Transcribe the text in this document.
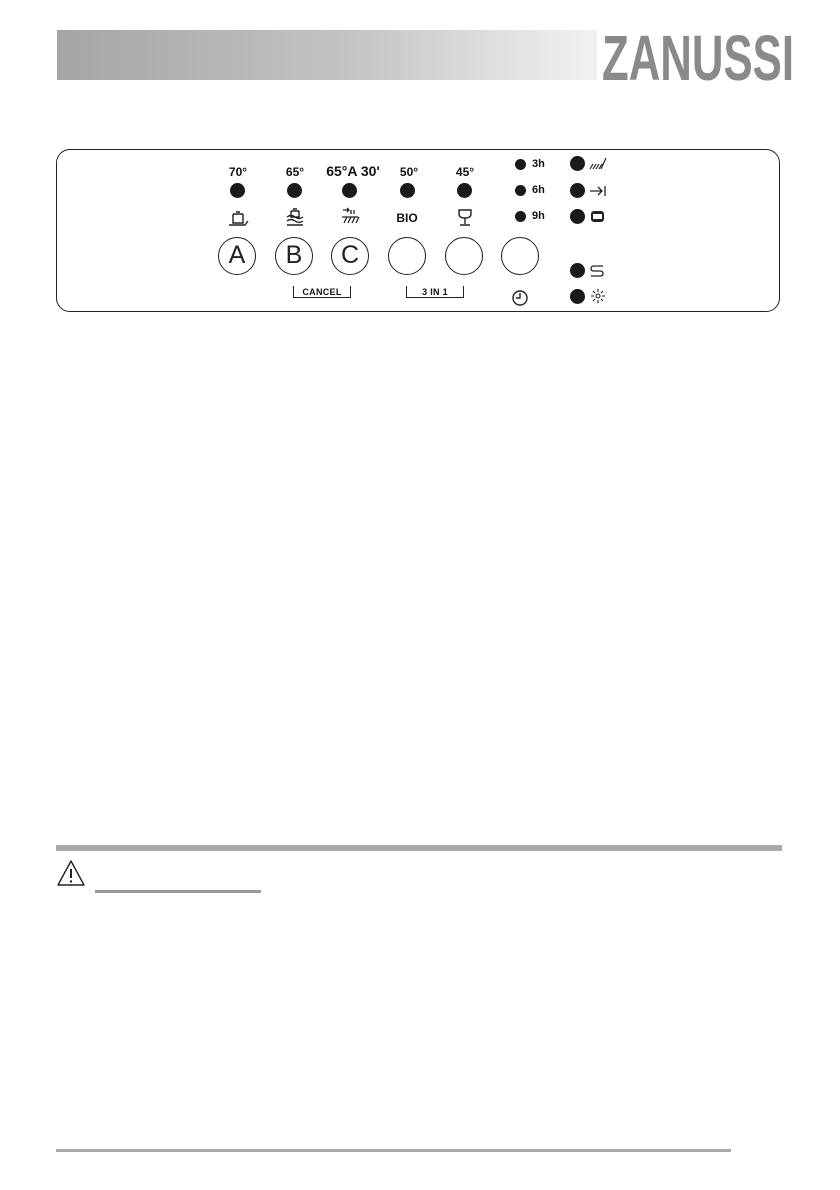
ZANUSSI
70°	65°	65°A 30'	50°	45°
BIO
A	B	C
CANCEL	3 IN 1
3h
6h
9h
